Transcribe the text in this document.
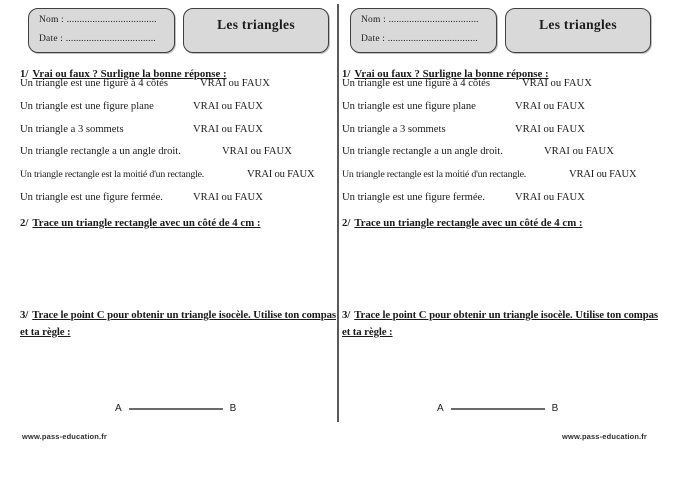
Nom : ...................................
Date : ...................................
Les triangles
1/ Vrai ou faux ? Surligne la bonne réponse :
Un triangle est une figure à 4 côtés	VRAI ou FAUX
Un triangle est une figure plane	VRAI ou FAUX
Un triangle a 3 sommets	VRAI ou FAUX
Un triangle rectangle a un angle droit.	VRAI ou FAUX
Un triangle rectangle est la moitié d'un rectangle.	VRAI ou FAUX
Un triangle est une figure fermée.	VRAI ou FAUX
2/ Trace un triangle rectangle avec un côté de 4 cm :
3/ Trace le point C pour obtenir un triangle isocèle. Utilise ton compas et ta règle :
A	B
www.pass-education.fr
Nom : ...................................
Date : ...................................
Les triangles
1/ Vrai ou faux ? Surligne la bonne réponse :
Un triangle est une figure à 4 côtés	VRAI ou FAUX
Un triangle est une figure plane	VRAI ou FAUX
Un triangle a 3 sommets	VRAI ou FAUX
Un triangle rectangle a un angle droit.	VRAI ou FAUX
Un triangle rectangle est la moitié d'un rectangle.	VRAI ou FAUX
Un triangle est une figure fermée.	VRAI ou FAUX
2/ Trace un triangle rectangle avec un côté de 4 cm :
3/ Trace le point C pour obtenir un triangle isocèle. Utilise ton compas et ta règle :
A	B
www.pass-education.fr
